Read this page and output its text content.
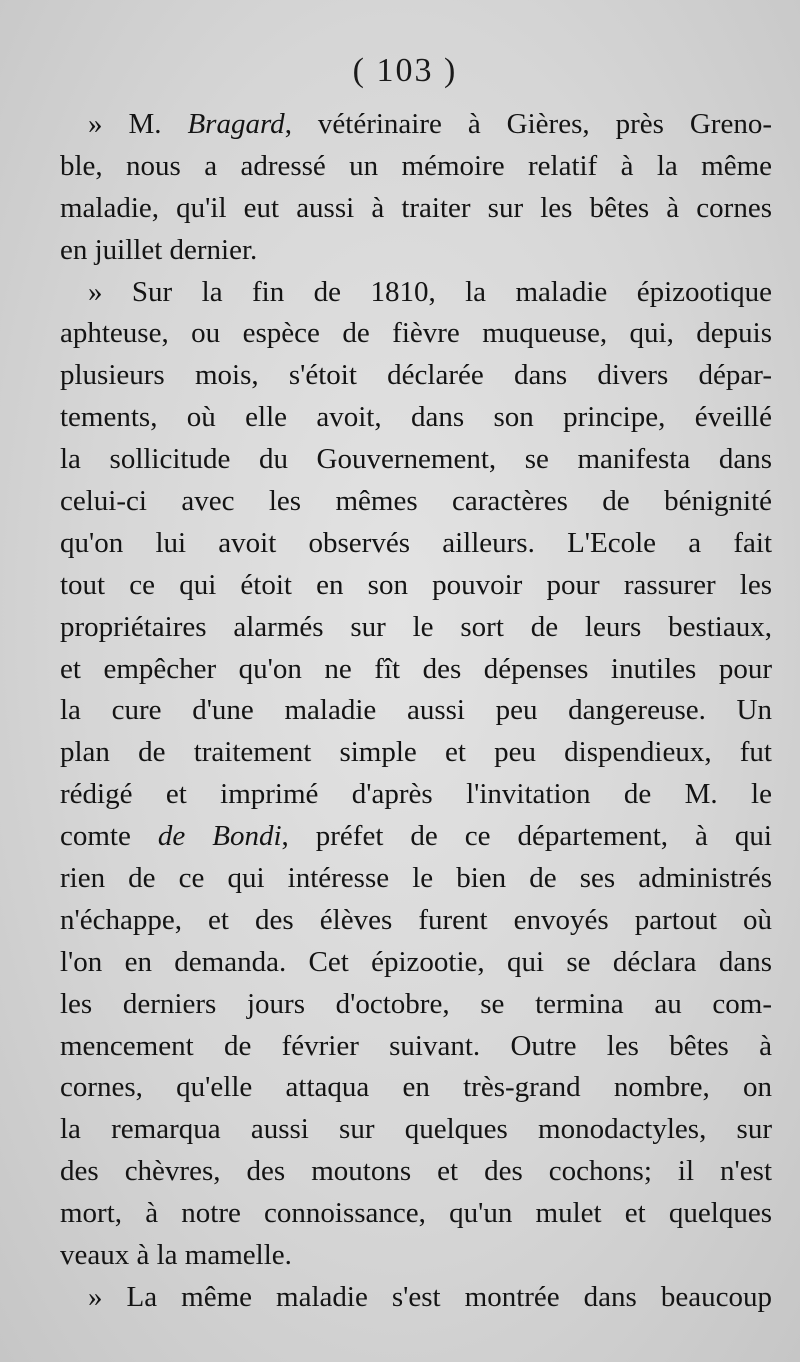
( 103 )
» M. Bragard, vétérinaire à Gières, près Greno-
ble, nous a adressé un mémoire relatif à la même
maladie, qu'il eut aussi à traiter sur les bêtes à cornes
en juillet dernier.
» Sur la fin de 1810, la maladie épizootique
aphteuse, ou espèce de fièvre muqueuse, qui, depuis
plusieurs mois, s'étoit déclarée dans divers dépar-
tements, où elle avoit, dans son principe, éveillé
la sollicitude du Gouvernement, se manifesta dans
celui-ci avec les mêmes caractères de bénignité
qu'on lui avoit observés ailleurs. L'Ecole a fait
tout ce qui étoit en son pouvoir pour rassurer les
propriétaires alarmés sur le sort de leurs bestiaux,
et empêcher qu'on ne fît des dépenses inutiles pour
la cure d'une maladie aussi peu dangereuse. Un
plan de traitement simple et peu dispendieux, fut
rédigé et imprimé d'après l'invitation de M. le
comte de Bondi, préfet de ce département, à qui
rien de ce qui intéresse le bien de ses administrés
n'échappe, et des élèves furent envoyés partout où
l'on en demanda. Cet épizootie, qui se déclara dans
les derniers jours d'octobre, se termina au com-
mencement de février suivant. Outre les bêtes à
cornes, qu'elle attaqua en très-grand nombre, on
la remarqua aussi sur quelques monodactyles, sur
des chèvres, des moutons et des cochons; il n'est
mort, à notre connoissance, qu'un mulet et quelques
veaux à la mamelle.
» La même maladie s'est montrée dans beaucoup
